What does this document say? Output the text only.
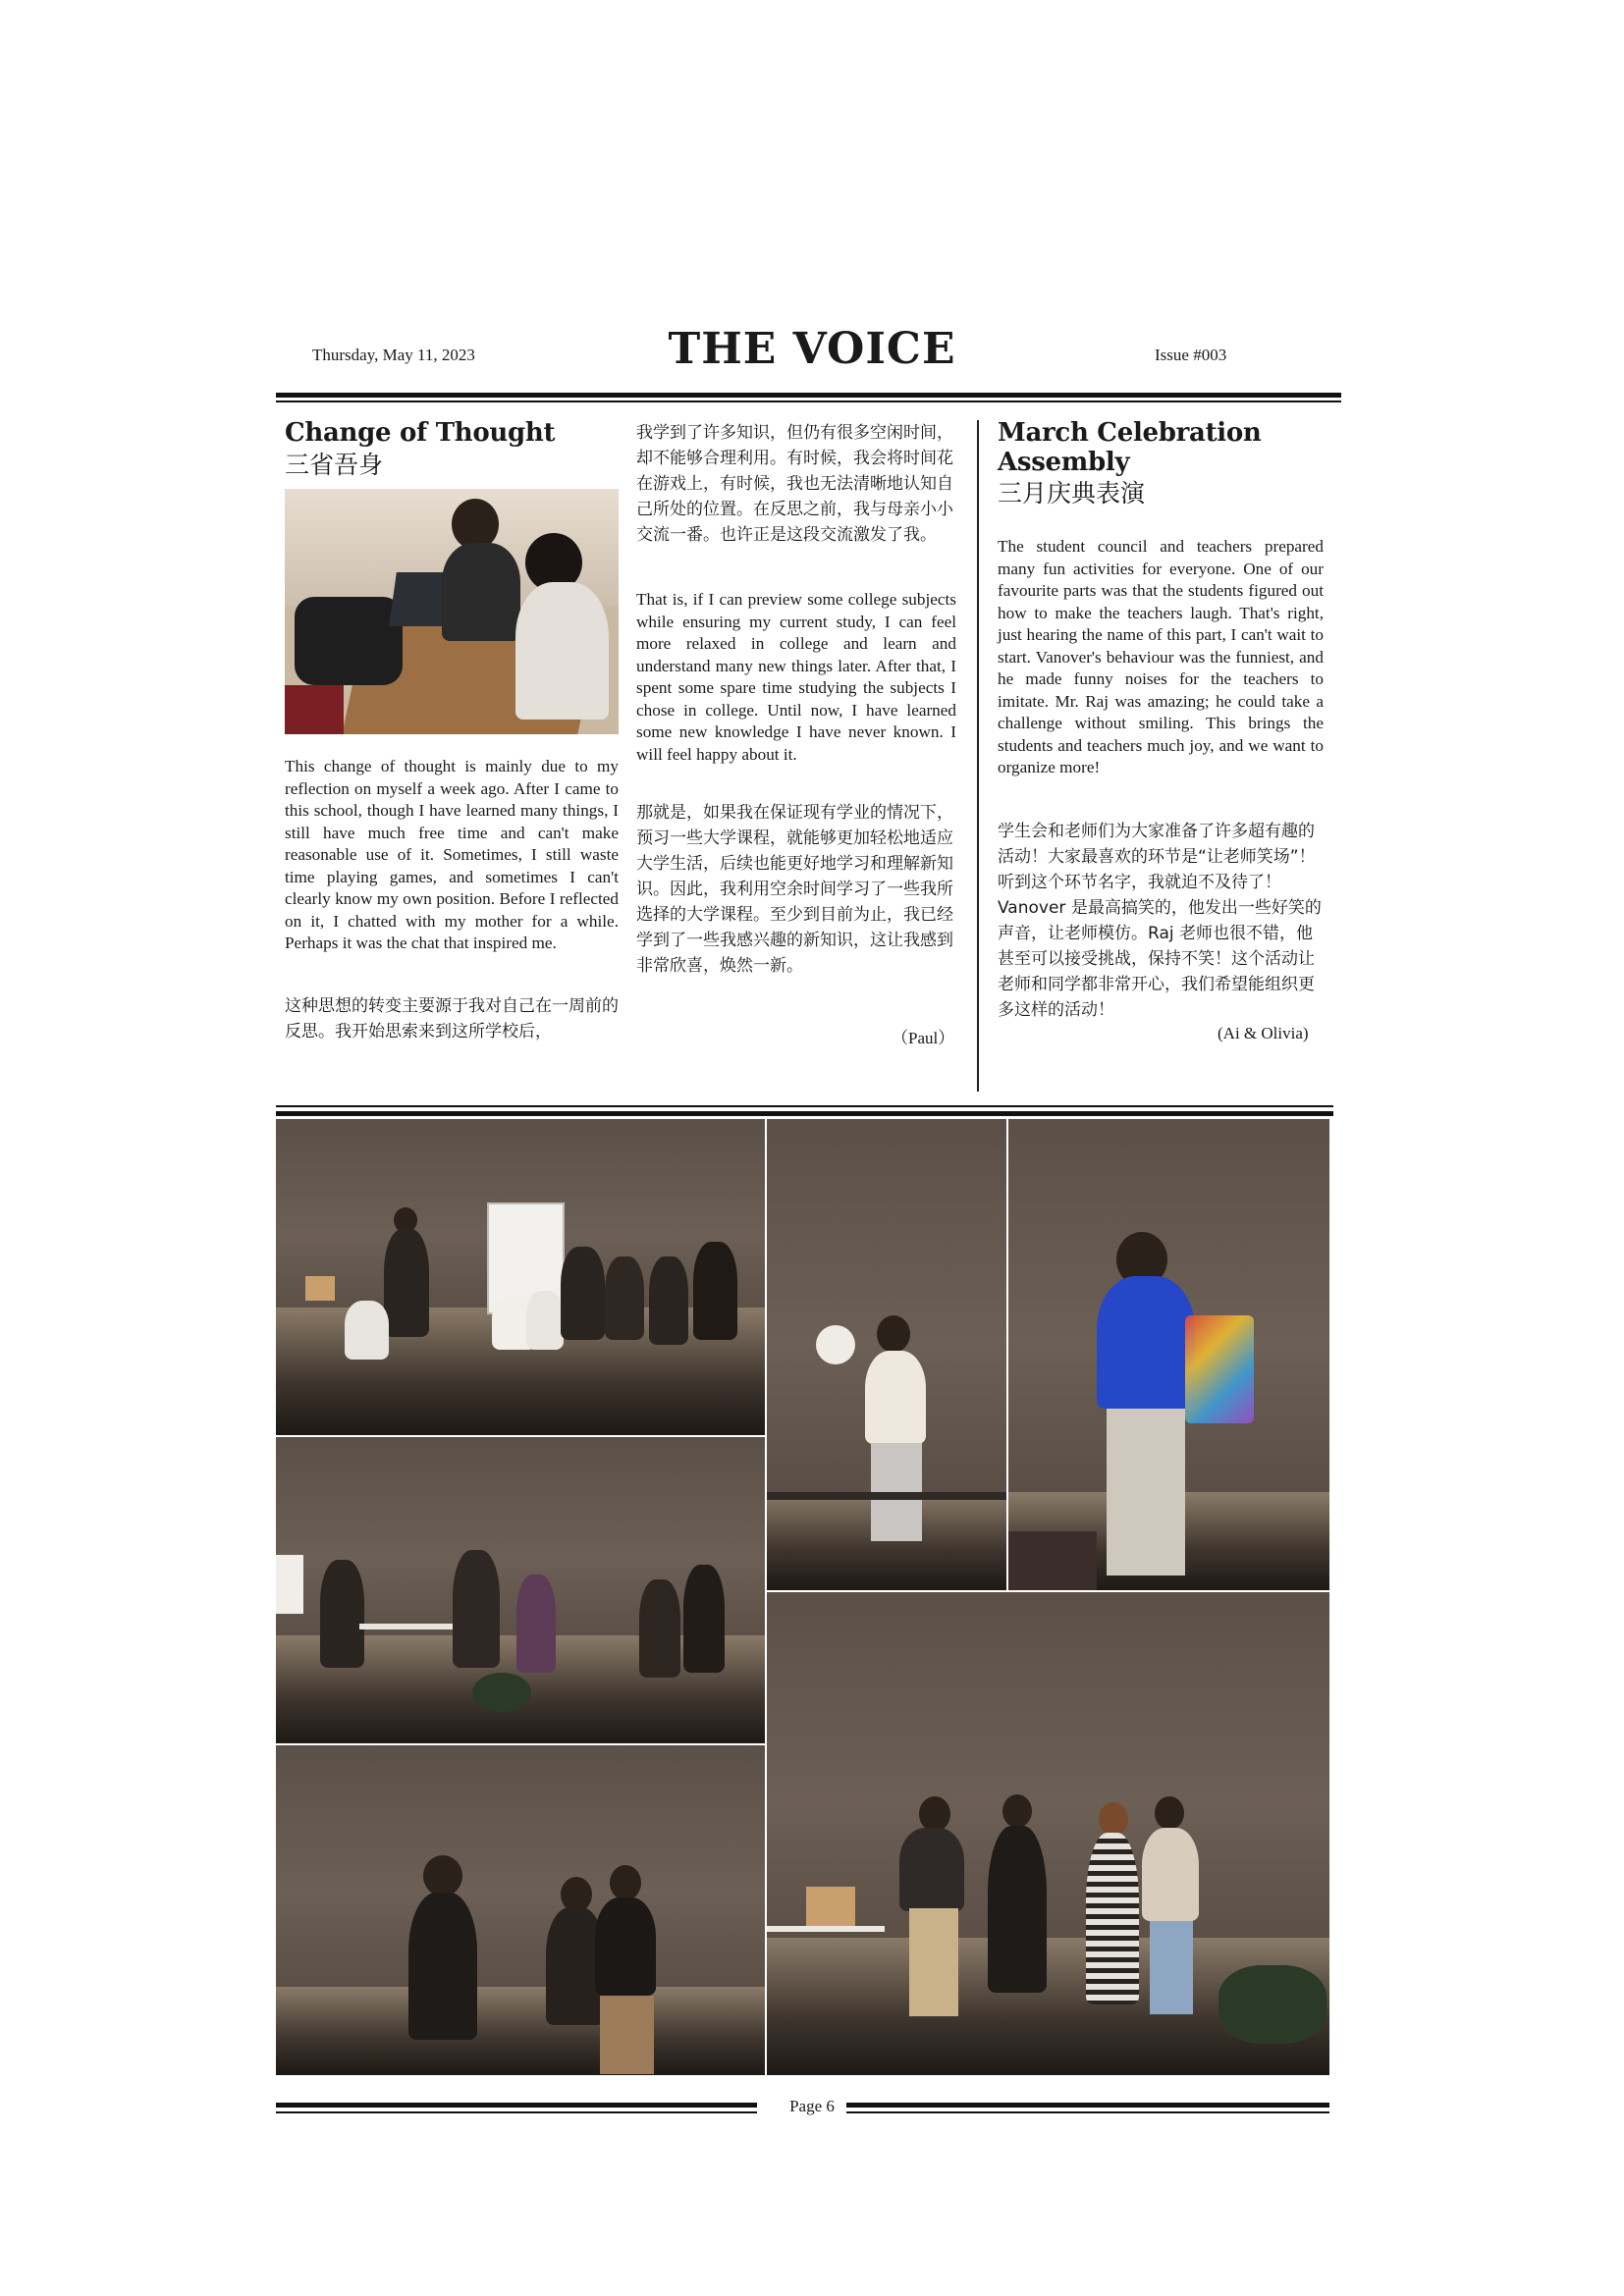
Thursday, May 11, 2023	THE VOICE	Issue #003
Change of Thought
三省吾身
This change of thought is mainly due to my reflection on myself a week ago. After I came to this school, though I have learned many things, I still have much free time and can't make reasonable use of it. Sometimes, I still waste time playing games, and sometimes I can't clearly know my own position. Before I reflected on it, I chatted with my mother for a while. Perhaps it was the chat that inspired me.
这种思想的转变主要源于我对自己在一周前的反思。我开始思索来到这所学校后，
我学到了许多知识，但仍有很多空闲时间，却不能够合理利用。有时候，我会将时间花在游戏上，有时候，我也无法清晰地认知自己所处的位置。在反思之前，我与母亲小小交流一番。也许正是这段交流激发了我。
That is, if I can preview some college subjects while ensuring my current study, I can feel more relaxed in college and learn and understand many new things later. After that, I spent some spare time studying the subjects I chose in college. Until now, I have learned some new knowledge I have never known. I will feel happy about it.
那就是，如果我在保证现有学业的情况下，预习一些大学课程，就能够更加轻松地适应大学生活，后续也能更好地学习和理解新知识。因此，我利用空余时间学习了一些我所选择的大学课程。至少到目前为止，我已经学到了一些我感兴趣的新知识，这让我感到非常欣喜，焕然一新。
（Paul）
March Celebration Assembly
三月庆典表演
The student council and teachers prepared many fun activities for everyone. One of our favourite parts was that the students figured out how to make the teachers laugh. That's right, just hearing the name of this part, I can't wait to start. Vanover's behaviour was the funniest, and he made funny noises for the teachers to imitate. Mr. Raj was amazing; he could take a challenge without smiling. This brings the students and teachers much joy, and we want to organize more!
学生会和老师们为大家准备了许多超有趣的活动！大家最喜欢的环节是“让老师笑场”！听到这个环节名字，我就迫不及待了！Vanover 是最高搞笑的，他发出一些好笑的声音，让老师模仿。Raj 老师也很不错，他甚至可以接受挑战，保持不笑！这个活动让老师和同学都非常开心，我们希望能组织更多这样的活动！
(Ai & Olivia)
Page 6
